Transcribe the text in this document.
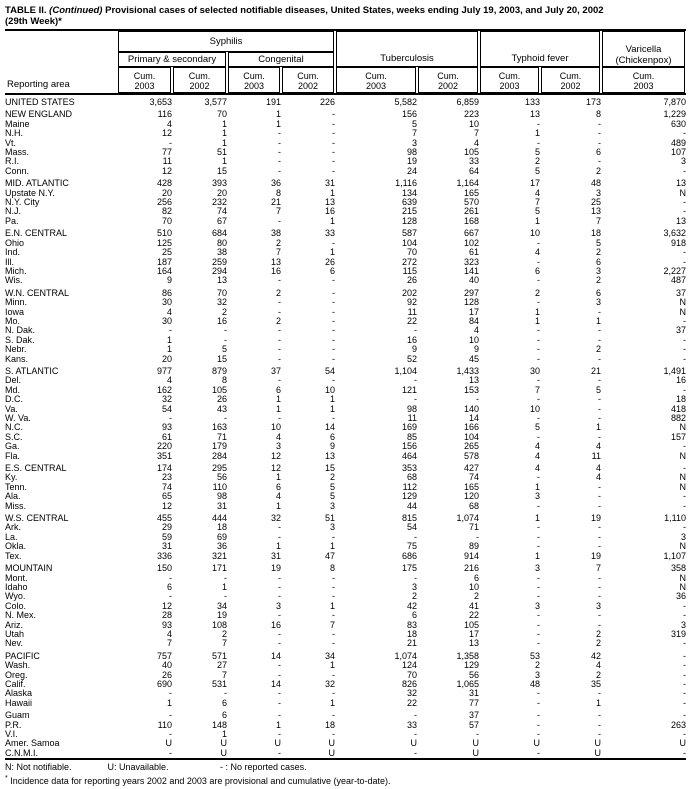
TABLE II. (Continued) Provisional cases of selected notifiable diseases, United States, weeks ending July 19, 2003, and July 20, 2002
(29th Week)*
Reporting area
Syphilis
Primary & secondary	Congenital	Tuberculosis	Typhoid fever
Varicella
(Chickenpox)
Cum.
2003
Cum.
2002
Cum.
2003
Cum.
2002
Cum.
2003
Cum.
2002
Cum.
2003
Cum.
2002
Cum.
2003
UNITED STATES	3,653	3,577	191	226	5,582	6,859	133	173	7,870

NEW ENGLAND	116	70	1	-	156	223	13	8	1,229
Maine	4	1	1	-	5	10	-	-	630
N.H.	12	1	-	-	7	7	1	-	-
Vt.	-	1	-	-	3	4	-	-	489
Mass.	77	51	-	-	98	105	5	6	107
R.I.	11	1	-	-	19	33	2	-	3
Conn.	12	15	-	-	24	64	5	2	-

MID. ATLANTIC	428	393	36	31	1,116	1,164	17	48	13
Upstate N.Y.	20	20	8	1	134	165	4	3	N
N.Y. City	256	232	21	13	639	570	7	25	-
N.J.	82	74	7	16	215	261	5	13	-
Pa.	70	67	-	1	128	168	1	7	13

E.N. CENTRAL	510	684	38	33	587	667	10	18	3,632
Ohio	125	80	2	-	104	102	-	5	918
Ind.	25	38	7	1	70	61	4	2	-
Ill.	187	259	13	26	272	323	-	6	-
Mich.	164	294	16	6	115	141	6	3	2,227
Wis.	9	13	-	-	26	40	-	2	487

W.N. CENTRAL	86	70	2	-	202	297	2	6	37
Minn.	30	32	-	-	92	128	-	3	N
Iowa	4	2	-	-	11	17	1	-	N
Mo.	30	16	2	-	22	84	1	1	-
N. Dak.	-	-	-	-	-	4	-	-	37
S. Dak.	1	-	-	-	16	10	-	-	-
Nebr.	1	5	-	-	9	9	-	2	-
Kans.	20	15	-	-	52	45	-	-	-

S. ATLANTIC	977	879	37	54	1,104	1,433	30	21	1,491
Del.	4	8	-	-	-	13	-	-	16
Md.	162	105	6	10	121	153	7	5	-
D.C.	32	26	1	1	-	-	-	-	18
Va.	54	43	1	1	98	140	10	-	418
W. Va.	-	-	-	-	11	14	-	-	882
N.C.	93	163	10	14	169	166	5	1	N
S.C.	61	71	4	6	85	104	-	-	157
Ga.	220	179	3	9	156	265	4	4	-
Fla.	351	284	12	13	464	578	4	11	N

E.S. CENTRAL	174	295	12	15	353	427	4	4	-
Ky.	23	56	1	2	68	74	-	4	N
Tenn.	74	110	6	5	112	165	1	-	N
Ala.	65	98	4	5	129	120	3	-	-
Miss.	12	31	1	3	44	68	-	-	-

W.S. CENTRAL	455	444	32	51	815	1,074	1	19	1,110
Ark.	29	18	-	3	54	71	-	-	-
La.	59	69	-	-	-	-	-	-	3
Okla.	31	36	1	1	75	89	-	-	N
Tex.	336	321	31	47	686	914	1	19	1,107

MOUNTAIN	150	171	19	8	175	216	3	7	358
Mont.	-	-	-	-	-	6	-	-	N
Idaho	6	1	-	-	3	10	-	-	N
Wyo.	-	-	-	-	2	2	-	-	36
Colo.	12	34	3	1	42	41	3	3	-
N. Mex.	28	19	-	-	6	22	-	-	-
Ariz.	93	108	16	7	83	105	-	-	3
Utah	4	2	-	-	18	17	-	2	319
Nev.	7	7	-	-	21	13	-	2	-

PACIFIC	757	571	14	34	1,074	1,358	53	42	-
Wash.	40	27	-	1	124	129	2	4	-
Oreg.	26	7	-	-	70	56	3	2	-
Calif.	690	531	14	32	826	1,065	48	35	-
Alaska	-	-	-	-	32	31	-	-	-
Hawaii	1	6	-	1	22	77	-	1	-

Guam	-	6	-	-	-	37	-	-	-
P.R.	110	148	1	18	33	57	-	-	263
V.I.	-	1	-	-	-	-	-	-	-
Amer. Samoa	U	U	U	U	U	U	U	U	U
C.N.M.I.	-	U	-	U	-	U	-	U	-
N: Not notifiable.	U: Unavailable.	- : No reported cases.
* Incidence data for reporting years 2002 and 2003 are provisional and cumulative (year-to-date).
